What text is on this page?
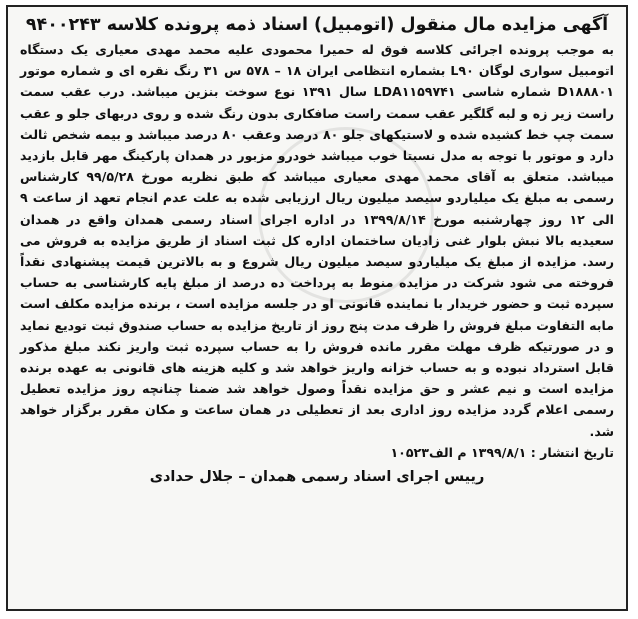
آگهی مزایده مال منقول (اتومبیل) اسناد ذمه پرونده کلاسه ۹۴۰۰۲۴۳

به موجب پرونده اجرائی کلاسه فوق له حمیرا محمودی علیه محمد مهدی معیاری یک دستگاه اتومبیل سواری لوگان L۹۰ بشماره انتظامی ایران ۱۸ – ۵۷۸ س ۳۱ رنگ نقره ای و شماره موتور D۱۸۸۸۰۱ شماره شاسی LDA۱۱۵۹۷۴۱ سال ۱۳۹۱ نوع سوخت بنزین میباشد. درب عقب سمت راست زیر زه و لبه گلگیر عقب سمت راست صافکاری بدون رنگ شده و روی دربهای جلو و عقب سمت چپ خط کشیده شده و لاستیکهای جلو ۸۰ درصد وعقب ۸۰ درصد میباشد و بیمه شخص ثالث دارد و موتور با توجه به مدل نسبتا خوب میباشد خودرو مزبور در همدان پارکینگ مهر قابل بازدید میباشد. متعلق به آقای محمد مهدی معیاری میباشد که طبق نظریه مورخ ۹۹/۵/۲۸ کارشناس رسمی به مبلغ یک میلیاردو سیصد میلیون ریال ارزیابی شده به علت عدم انجام تعهد از ساعت ۹ الی ۱۲ روز چهارشنبه مورخ ۱۳۹۹/۸/۱۴ در اداره اجرای اسناد رسمی همدان واقع در همدان سعیدیه بالا نبش بلوار غنی زادیان ساختمان اداره کل ثبت اسناد از طریق مزایده به فروش می رسد. مزایده از مبلغ یک میلیاردو سیصد میلیون ریال شروع و به بالاترین قیمت پیشنهادی نقداً فروخته می شود شرکت در مزایده منوط به پرداخت ده درصد از مبلغ پایه کارشناسی به حساب سپرده ثبت و حضور خریدار با نماینده قانونی او در جلسه مزایده است ، برنده مزایده مکلف است مابه التفاوت مبلغ فروش را ظرف مدت پنج روز از تاریخ مزایده به حساب صندوق ثبت توديع نماید و در صورتیکه ظرف مهلت مقرر مانده فروش را به حساب سپرده ثبت واریز نکند مبلغ مذکور قابل استرداد نبوده و به حساب خزانه واریز خواهد شد و کلیه هزینه های قانونی به عهده برنده مزایده است و نیم عشر و حق مزایده نقداً وصول خواهد شد ضمنا چنانچه روز مزایده تعطیل رسمی اعلام گردد مزایده روز اداری بعد از تعطیلی در همان ساعت و مکان مقرر برگزار خواهد شد.

تاریخ انتشار : ۱۳۹۹/۸/۱ م الف۱۰۵۲۳

رییس اجرای اسناد رسمی همدان – جلال حدادی
